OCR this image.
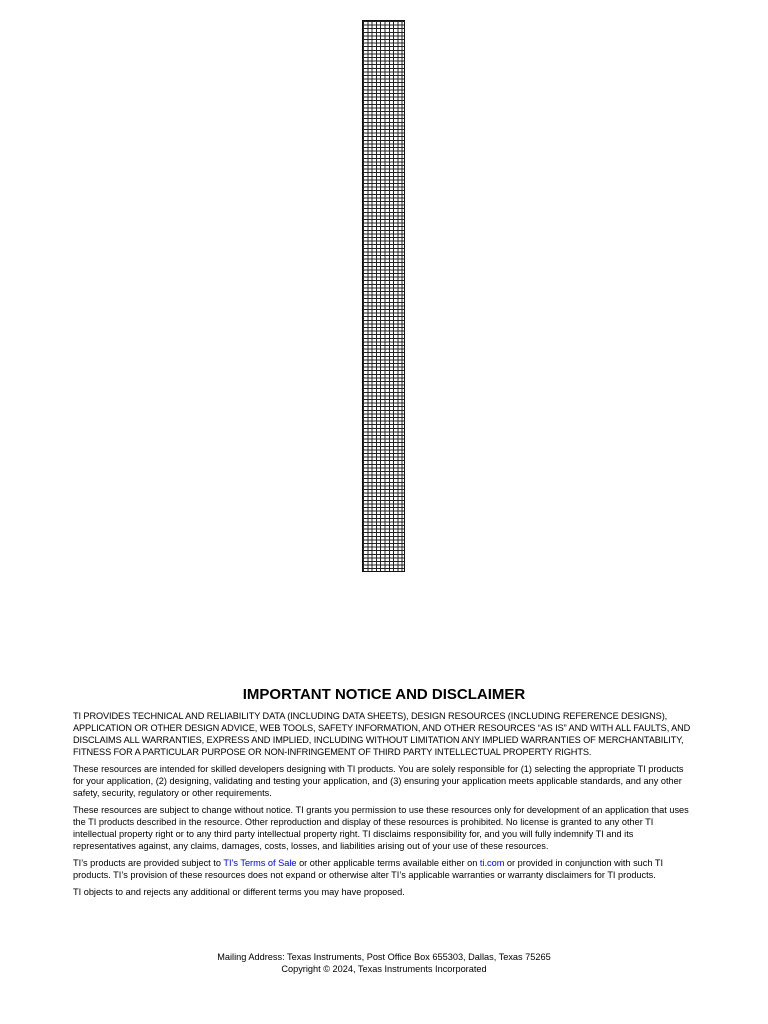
IMPORTANT NOTICE AND DISCLAIMER

TI PROVIDES TECHNICAL AND RELIABILITY DATA (INCLUDING DATA SHEETS), DESIGN RESOURCES (INCLUDING REFERENCE DESIGNS), APPLICATION OR OTHER DESIGN ADVICE, WEB TOOLS, SAFETY INFORMATION, AND OTHER RESOURCES “AS IS” AND WITH ALL FAULTS, AND DISCLAIMS ALL WARRANTIES, EXPRESS AND IMPLIED, INCLUDING WITHOUT LIMITATION ANY IMPLIED WARRANTIES OF MERCHANTABILITY, FITNESS FOR A PARTICULAR PURPOSE OR NON-INFRINGEMENT OF THIRD PARTY INTELLECTUAL PROPERTY RIGHTS.

These resources are intended for skilled developers designing with TI products. You are solely responsible for (1) selecting the appropriate TI products for your application, (2) designing, validating and testing your application, and (3) ensuring your application meets applicable standards, and any other safety, security, regulatory or other requirements.

These resources are subject to change without notice. TI grants you permission to use these resources only for development of an application that uses the TI products described in the resource. Other reproduction and display of these resources is prohibited. No license is granted to any other TI intellectual property right or to any third party intellectual property right. TI disclaims responsibility for, and you will fully indemnify TI and its representatives against, any claims, damages, costs, losses, and liabilities arising out of your use of these resources.

TI’s products are provided subject to TI’s Terms of Sale or other applicable terms available either on ti.com or provided in conjunction with such TI products. TI’s provision of these resources does not expand or otherwise alter TI’s applicable warranties or warranty disclaimers for TI products.

TI objects to and rejects any additional or different terms you may have proposed.

Mailing Address: Texas Instruments, Post Office Box 655303, Dallas, Texas 75265
Copyright © 2024, Texas Instruments Incorporated
